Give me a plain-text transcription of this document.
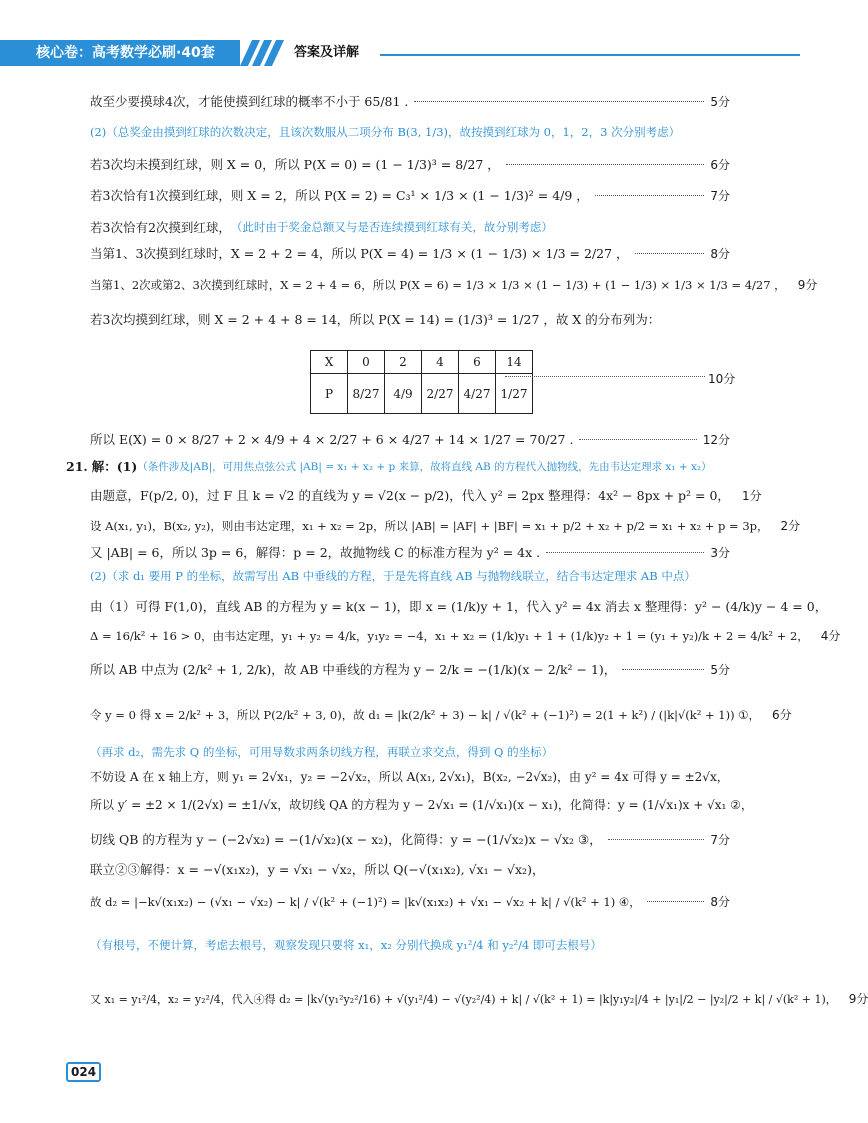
核心卷：高考数学必刷·40套	答案及详解
故至少要摸球4次，才能使摸到红球的概率不小于 65/81 .	5分
(2)（总奖金由摸到红球的次数决定，且该次数服从二项分布 B(3, 1/3)，故按摸到红球为 0，1，2，3 次分别考虑）
若3次均未摸到红球，则 X = 0，所以 P(X = 0) = (1 − 1/3)³ = 8/27 ，	6分
若3次恰有1次摸到红球，则 X = 2，所以 P(X = 2) = C₃¹ × 1/3 × (1 − 1/3)² = 4/9 ，	7分
若3次恰有2次摸到红球， （此时由于奖金总额又与是否连续摸到红球有关，故分别考虑）
当第1、3次摸到红球时，X = 2 + 2 = 4，所以 P(X = 4) = 1/3 × (1 − 1/3) × 1/3 = 2/27 ，	8分
当第1、2次或第2、3次摸到红球时，X = 2 + 4 = 6，所以 P(X = 6) = 1/3 × 1/3 × (1 − 1/3) + (1 − 1/3) × 1/3 × 1/3 = 4/27 ， 9分
若3次均摸到红球，则 X = 2 + 4 + 8 = 14，所以 P(X = 14) = (1/3)³ = 1/27 ，故 X 的分布列为：
X	0	2	4	6	14
P	8/27	4/9	2/27	4/27	1/27
10分
所以 E(X) = 0 × 8/27 + 2 × 4/9 + 4 × 2/27 + 6 × 4/27 + 14 × 1/27 = 70/27 .	12分
21.
解：(1) （条件涉及|AB|，可用焦点弦公式 |AB| = x₁ + x₂ + p 来算，故将直线 AB 的方程代入抛物线，先由韦达定理求 x₁ + x₂）
由题意，F(p/2, 0)，过 F 且 k = √2 的直线为 y = √2(x − p/2)，代入 y² = 2px 整理得：4x² − 8px + p² = 0， 1分
设 A(x₁, y₁)，B(x₂, y₂)，则由韦达定理，x₁ + x₂ = 2p，所以 |AB| = |AF| + |BF| = x₁ + p/2 + x₂ + p/2 = x₁ + x₂ + p = 3p， 2分
又 |AB| = 6，所以 3p = 6，解得：p = 2，故抛物线 C 的标准方程为 y² = 4x .	3分
(2)（求 d₁ 要用 P 的坐标，故需写出 AB 中垂线的方程，于是先将直线 AB 与抛物线联立，结合韦达定理求 AB 中点）
由（1）可得 F(1,0)，直线 AB 的方程为 y = k(x − 1)，即 x = (1/k)y + 1，代入 y² = 4x 消去 x 整理得：y² − (4/k)y − 4 = 0，
Δ = 16/k² + 16 > 0，由韦达定理，y₁ + y₂ = 4/k，y₁y₂ = −4，x₁ + x₂ = (1/k)y₁ + 1 + (1/k)y₂ + 1 = (y₁ + y₂)/k + 2 = 4/k² + 2， 4分
所以 AB 中点为 (2/k² + 1, 2/k)，故 AB 中垂线的方程为 y − 2/k = −(1/k)(x − 2/k² − 1)，	5分
令 y = 0 得 x = 2/k² + 3，所以 P(2/k² + 3, 0)，故 d₁ = |k(2/k² + 3) − k| / √(k² + (−1)²) = 2(1 + k²) / (|k|√(k² + 1)) ①， 6分
（再求 d₂，需先求 Q 的坐标，可用导数求两条切线方程，再联立求交点，得到 Q 的坐标）
不妨设 A 在 x 轴上方，则 y₁ = 2√x₁，y₂ = −2√x₂，所以 A(x₁, 2√x₁)，B(x₂, −2√x₂)，由 y² = 4x 可得 y = ±2√x，
所以 y′ = ±2 × 1/(2√x) = ±1/√x，故切线 QA 的方程为 y − 2√x₁ = (1/√x₁)(x − x₁)，化简得：y = (1/√x₁)x + √x₁ ②，
切线 QB 的方程为 y − (−2√x₂) = −(1/√x₂)(x − x₂)，化简得：y = −(1/√x₂)x − √x₂ ③，	7分
联立②③解得：x = −√(x₁x₂)，y = √x₁ − √x₂，所以 Q(−√(x₁x₂), √x₁ − √x₂)，
故 d₂ = |−k√(x₁x₂) − (√x₁ − √x₂) − k| / √(k² + (−1)²) = |k√(x₁x₂) + √x₁ − √x₂ + k| / √(k² + 1) ④，	8分
（有根号，不便计算，考虑去根号，观察发现只要将 x₁，x₂ 分别代换成 y₁²/4 和 y₂²/4 即可去根号）
又 x₁ = y₁²/4，x₂ = y₂²/4，代入④得 d₂ = |k√(y₁²y₂²/16) + √(y₁²/4) − √(y₂²/4) + k| / √(k² + 1) = |k|y₁y₂|/4 + |y₁|/2 − |y₂|/2 + k| / √(k² + 1)， 9分
024
